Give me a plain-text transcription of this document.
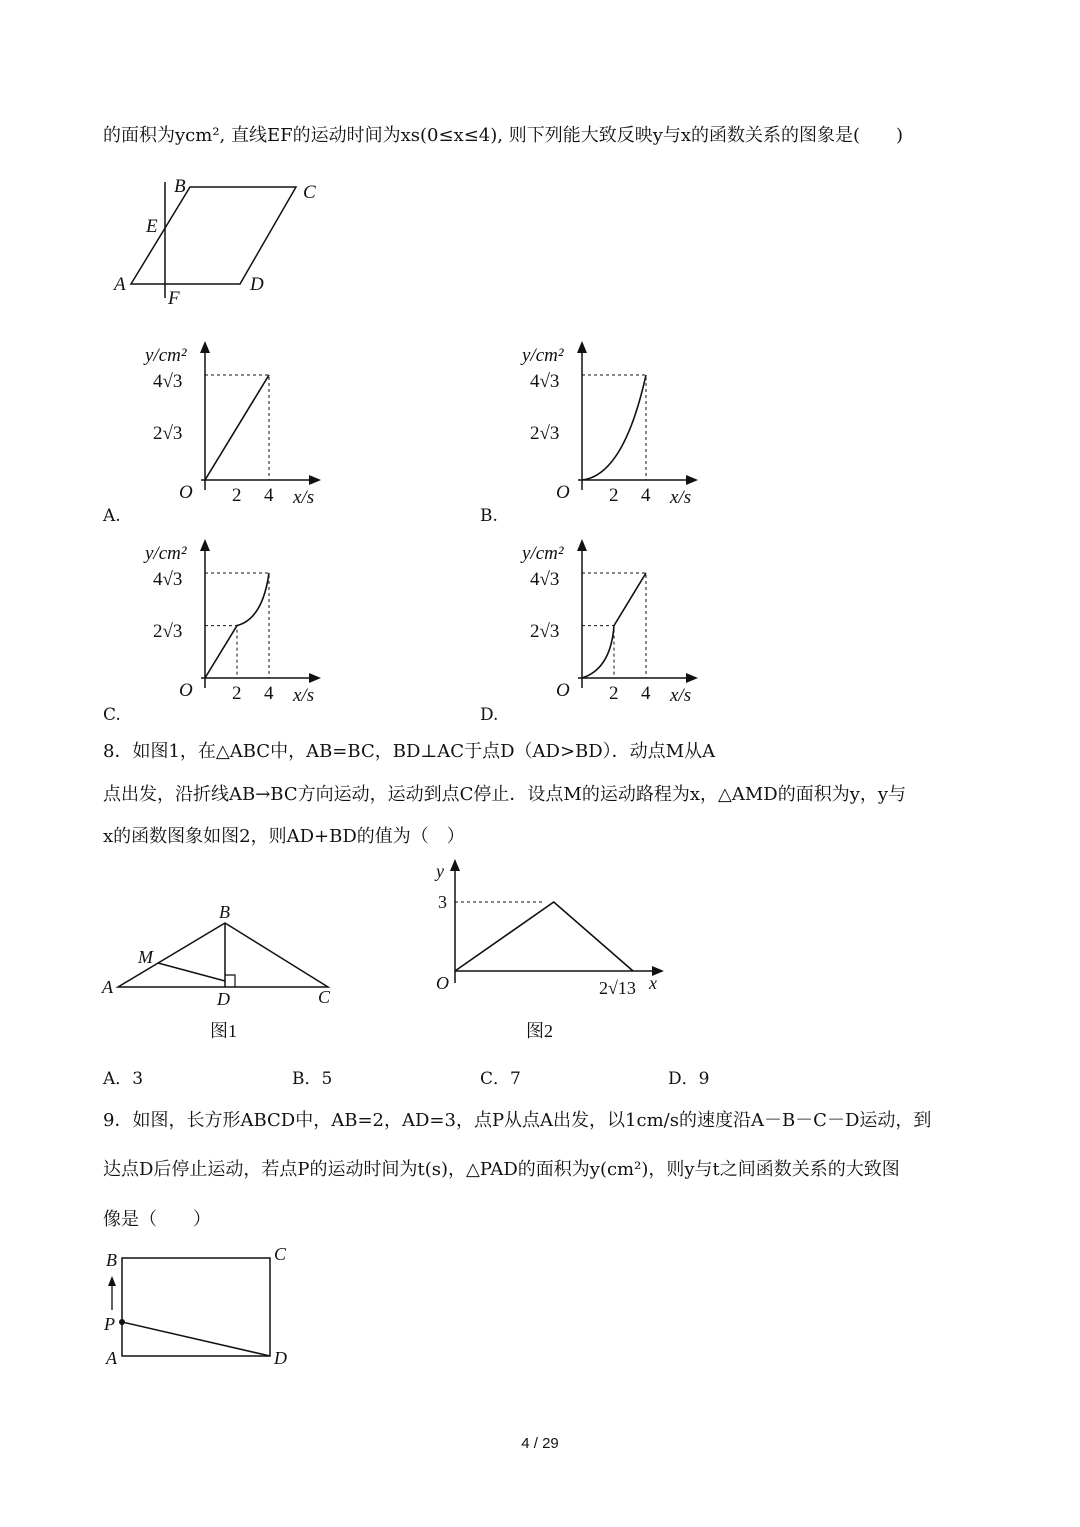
的面积为ycm², 直线EF的运动时间为xs(0≤x≤4), 则下列能大致反映y与x的函数关系的图象是(　　)
B	C
E
A
F
D
y/cm²
4√3
2√3
O 2 4 x/s
y/cm²
4√3
2√3
O 2 4 x/s
y/cm²
4√3
2√3
O 2 4 x/s
y/cm²
4√3
2√3
O 2 4 x/s
A.	B.
C.	D.
8．如图1，在△ABC中，AB=BC，BD⊥AC于点D（AD>BD）．动点M从A
点出发，沿折线AB→BC方向运动，运动到点C停止．设点M的运动路程为x，△AMD的面积为y，y与
x的函数图象如图2，则AD+BD的值为（　）
B
M
A
D	C
图1
y
3
O	2√13 x
图2
A．3	B．5	C．7	D．9
9．如图，长方形ABCD中，AB=2，AD=3，点P从点A出发，以1cm/s的速度沿A－B－C－D运动，到
达点D后停止运动，若点P的运动时间为t(s)，△PAD的面积为y(cm²)，则y与t之间函数关系的大致图
像是（　　）
B	C
P
A	D
4 / 29
